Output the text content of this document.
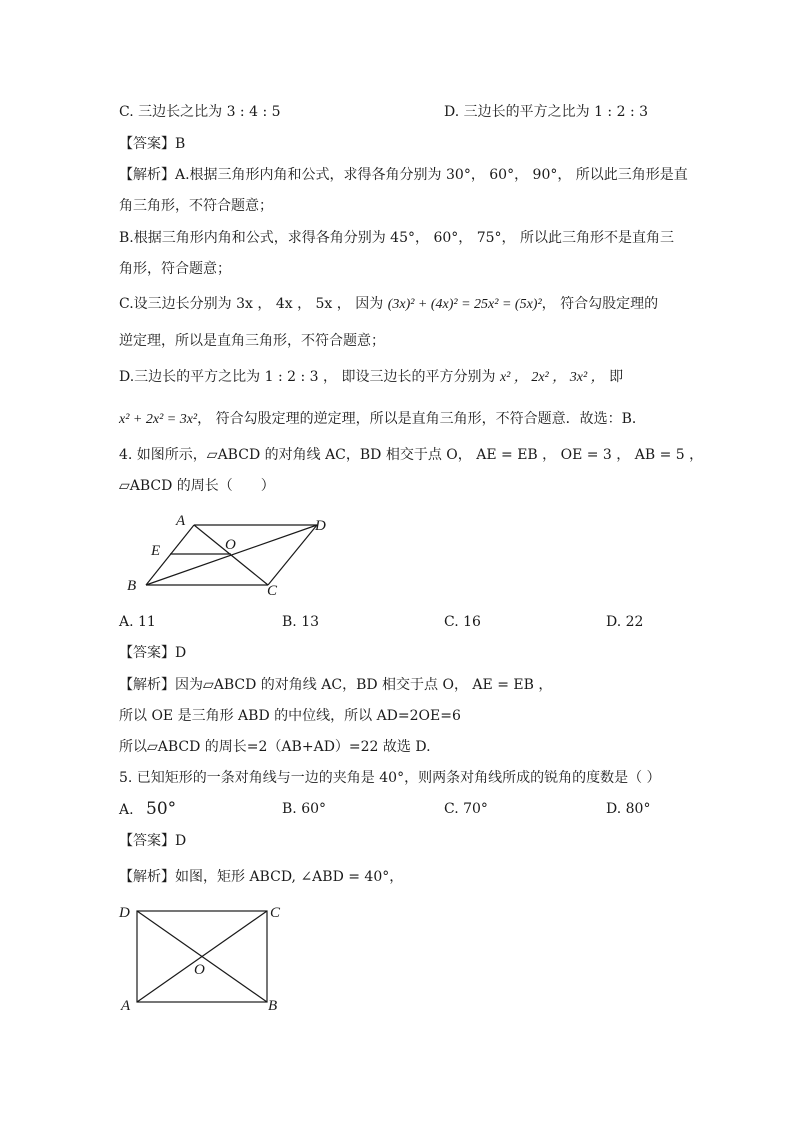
C. 三边长之比为 3 : 4 : 5	D. 三边长的平方之比为 1 : 2 : 3
【答案】B
【解析】A.根据三角形内角和公式，求得各角分别为 30°， 60°， 90°， 所以此三角形是直
角三角形，不符合题意；
B.根据三角形内角和公式，求得各角分别为 45°， 60°， 75°， 所以此三角形不是直角三
角形，符合题意；
C.设三边长分别为 3x ， 4x ， 5x ， 因为 (3x)² + (4x)² = 25x² = (5x)²， 符合勾股定理的
逆定理，所以是直角三角形，不符合题意；
D.三边长的平方之比为 1 : 2 : 3 ， 即设三边长的平方分别为 x² ， 2x² ， 3x² ， 即
x² + 2x² = 3x²， 符合勾股定理的逆定理，所以是直角三角形，不符合题意．故选：B．
4. 如图所示，▱ABCD 的对角线 AC，BD 相交于点 O， AE = EB ， OE = 3 ， AB = 5 ，
▱ABCD 的周长（　　）
A	D
E	O
B	C
A. 11	B. 13	C. 16	D. 22
【答案】D
【解析】因为▱ABCD 的对角线 AC，BD 相交于点 O， AE = EB ，
所以 OE 是三角形 ABD 的中位线，所以 AD=2OE=6
所以▱ABCD 的周长=2（AB+AD）=22 故选 D.
5. 已知矩形的一条对角线与一边的夹角是 40°，则两条对角线所成的锐角的度数是（ ）
A. 50°	B. 60°	C. 70°	D. 80°
【答案】D
【解析】如图，矩形 ABCD, ∠ABD = 40°，
D	C
O
A	B
